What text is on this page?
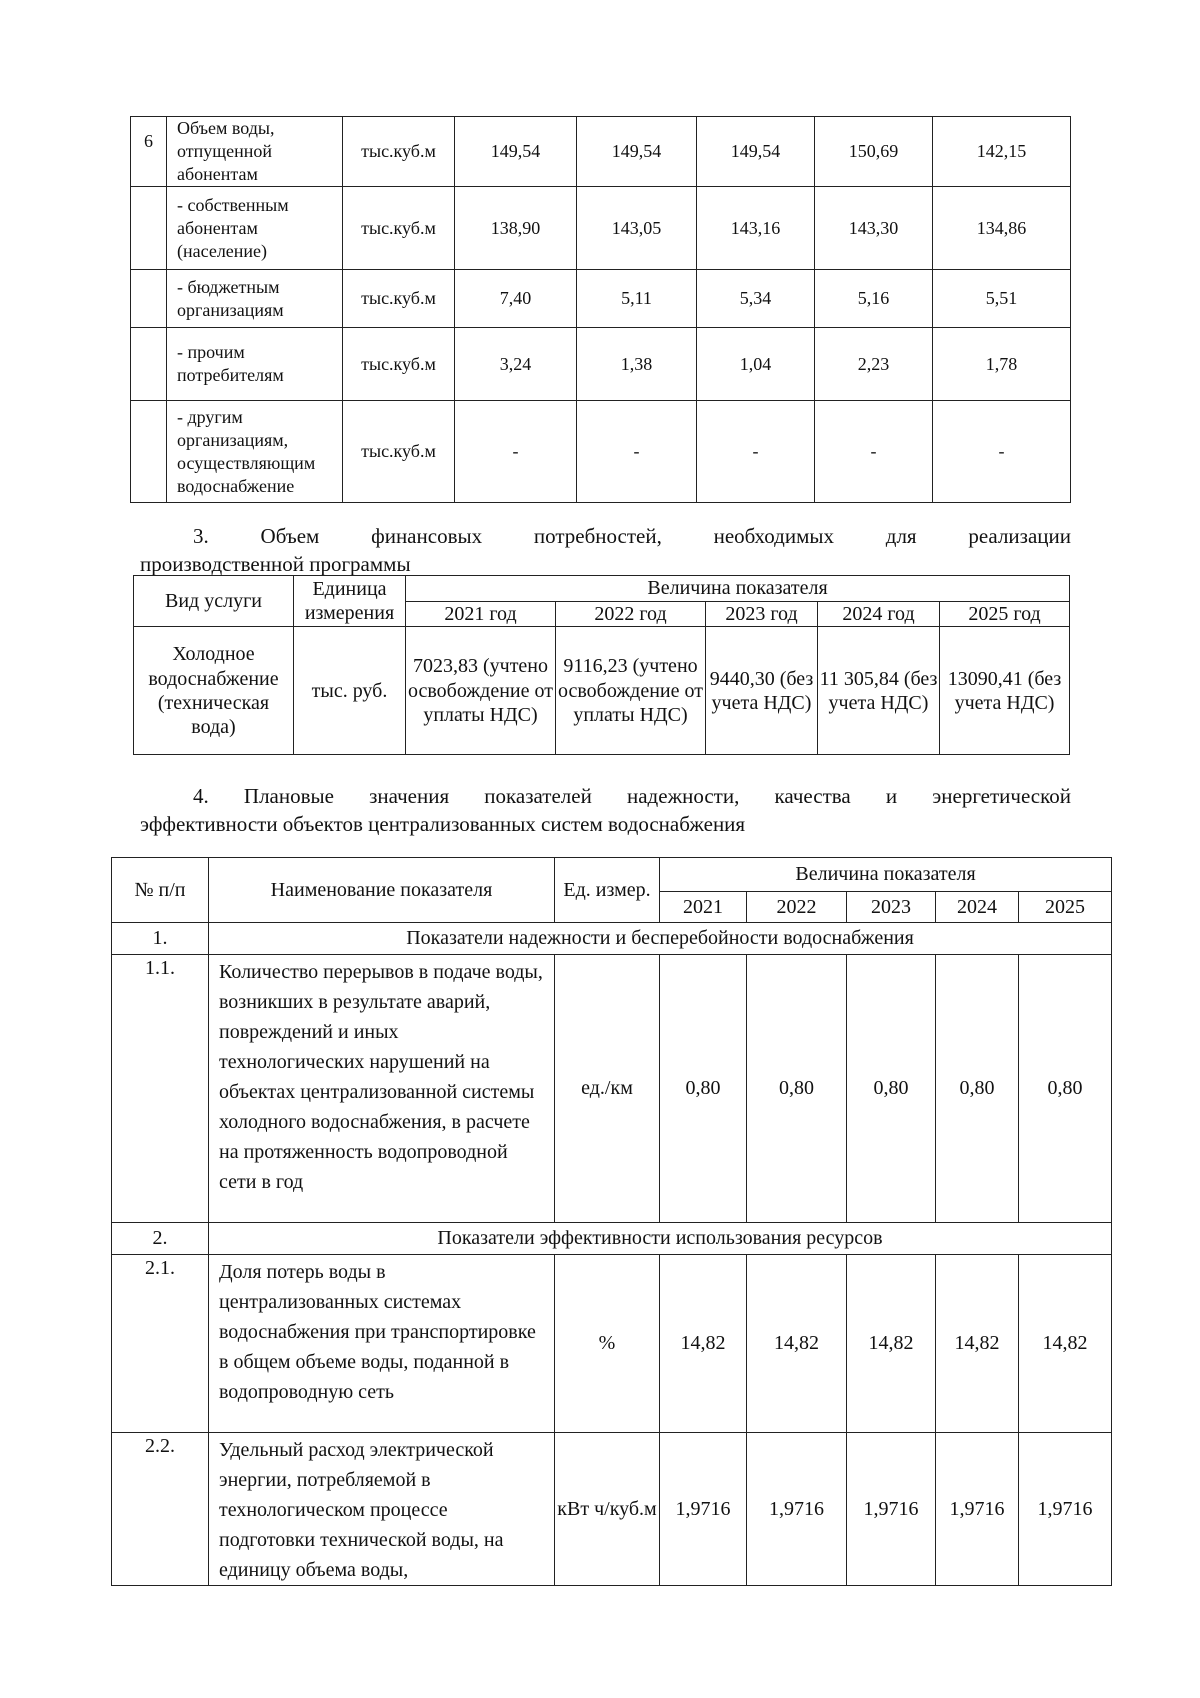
6	Объем воды, отпущенной абонентам	тыс.куб.м	149,54	149,54	149,54	150,69	142,15
	- собственным абонентам (население)	тыс.куб.м	138,90	143,05	143,16	143,30	134,86
	- бюджетным организациям	тыс.куб.м	7,40	5,11	5,34	5,16	5,51
	- прочим потребителям	тыс.куб.м	3,24	1,38	1,04	2,23	1,78
	- другим организациям, осуществляющим водоснабжение	тыс.куб.м	-	-	-	-	-
3. Объем финансовых потребностей, необходимых для реализации
производственной программы
Вид услуги	Единица измерения	Величина показателя				
		2021 год	2022 год	2023 год	2024 год	2025 год
Холодное водоснабжение (техническая вода)	тыс. руб.	7023,83 (учтено освобождение от уплаты НДС)	9116,23 (учтено освобождение от уплаты НДС)	9440,30 (без учета НДС)	11 305,84 (без учета НДС)	13090,41 (без учета НДС)
4. Плановые значения показателей надежности, качества и энергетической
эффективности объектов централизованных систем водоснабжения
№ п/п	Наименование показателя	Ед. измер.	Величина показателя				
			2021	2022	2023	2024	2025
1.	Показатели надежности и бесперебойности водоснабжения						
1.1.	Количество перерывов в подаче воды, возникших в результате аварий, повреждений и иных технологических нарушений на объектах централизованной системы холодного водоснабжения, в расчете на протяженность водопроводной сети в год	ед./км	0,80	0,80	0,80	0,80	0,80
2.	Показатели эффективности использования ресурсов						
2.1.	Доля потерь воды в централизованных системах водоснабжения при транспортировке в общем объеме воды, поданной в водопроводную сеть	%	14,82	14,82	14,82	14,82	14,82
2.2.	Удельный расход электрической энергии, потребляемой в технологическом процессе подготовки технической воды, на единицу объема воды,	кВт ч/куб.м	1,9716	1,9716	1,9716	1,9716	1,9716
